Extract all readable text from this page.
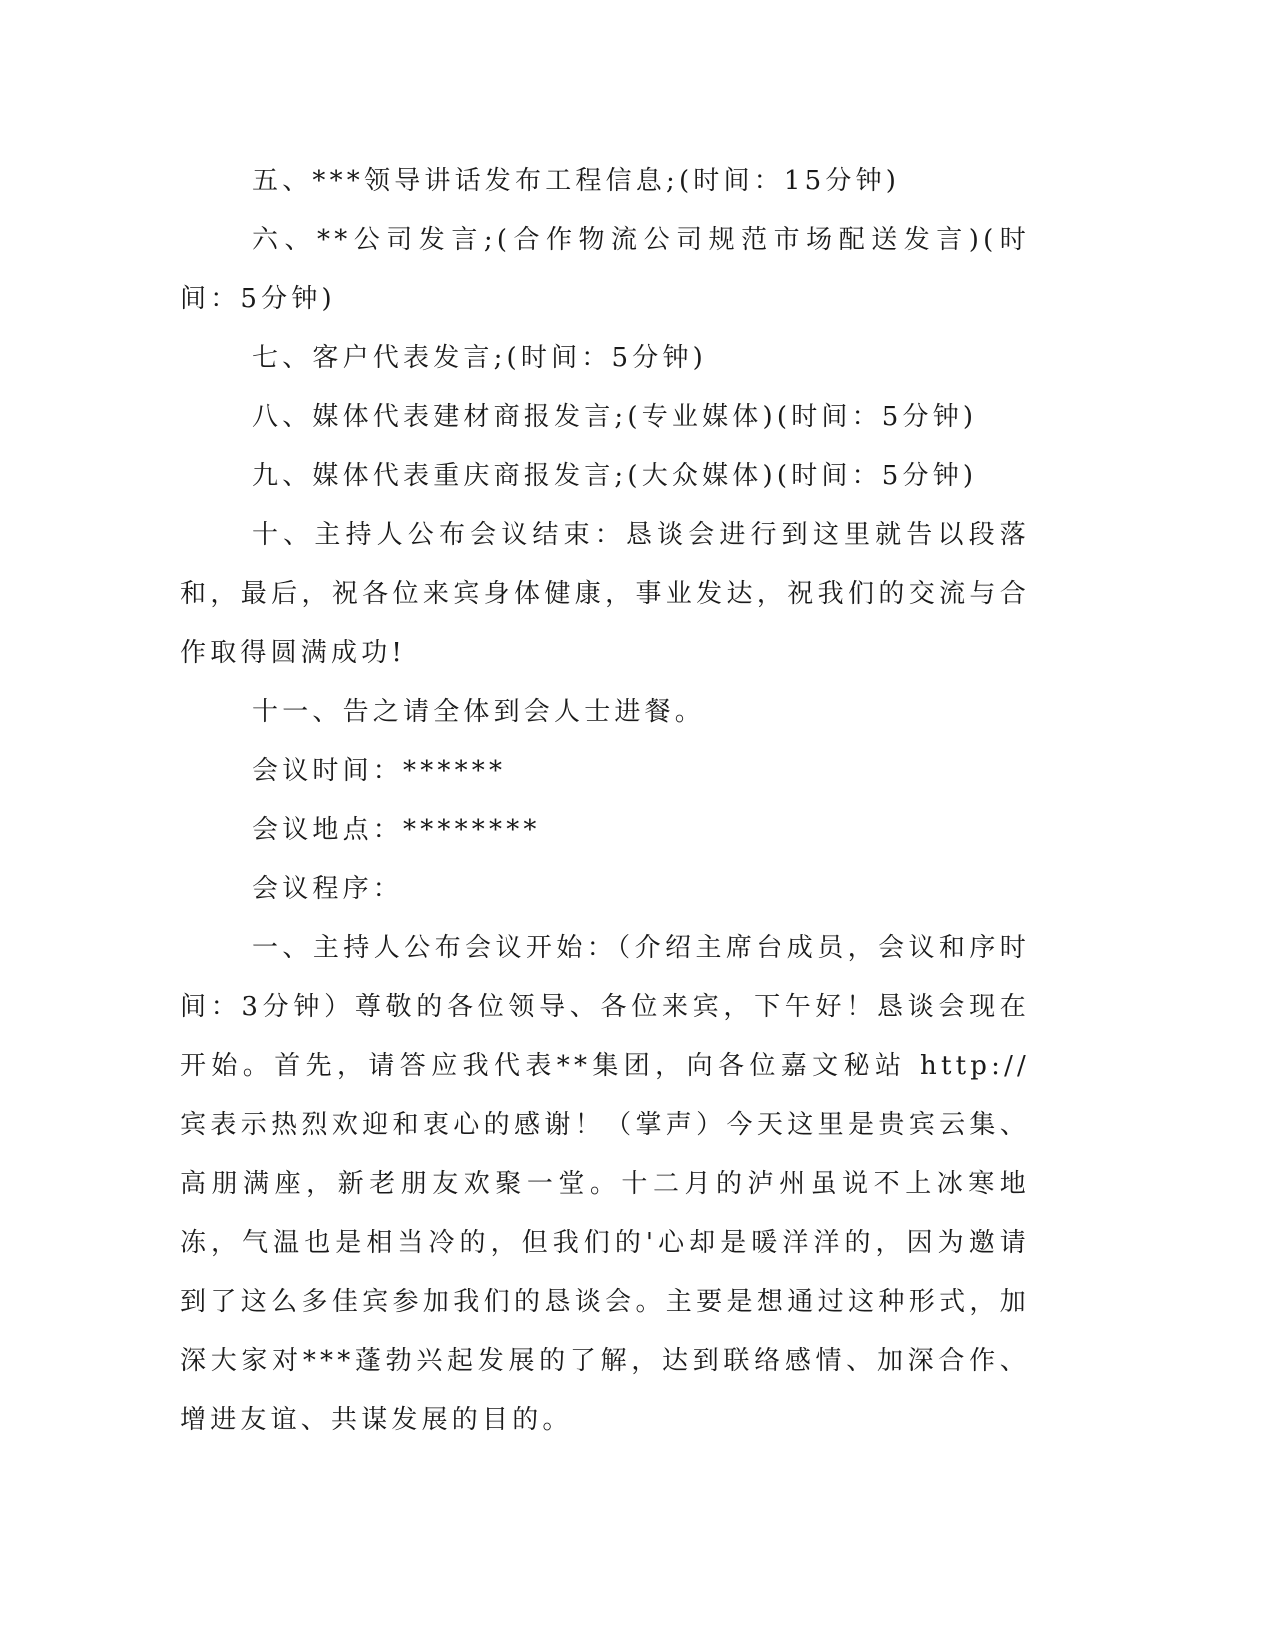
五、***领导讲话发布工程信息;(时间：15分钟)

六、**公司发言;(合作物流公司规范市场配送发言)(时间：5分钟)

七、客户代表发言;(时间：5分钟)

八、媒体代表建材商报发言;(专业媒体)(时间：5分钟)

九、媒体代表重庆商报发言;(大众媒体)(时间：5分钟)

十、主持人公布会议结束：恳谈会进行到这里就告以段落和，最后，祝各位来宾身体健康，事业发达，祝我们的交流与合作取得圆满成功!

十一、告之请全体到会人士进餐。

会议时间：******

会议地点：********

会议程序：

一、主持人公布会议开始：（介绍主席台成员，会议和序时间：3分钟）尊敬的各位领导、各位来宾，下午好！恳谈会现在开始。首先，请答应我代表**集团，向各位嘉文秘站 http://宾表示热烈欢迎和衷心的感谢！（掌声）今天这里是贵宾云集、高朋满座，新老朋友欢聚一堂。十二月的泸州虽说不上冰寒地冻，气温也是相当冷的，但我们的'心却是暖洋洋的，因为邀请到了这么多佳宾参加我们的恳谈会。主要是想通过这种形式，加深大家对***蓬勃兴起发展的了解，达到联络感情、加深合作、增进友谊、共谋发展的目的。
